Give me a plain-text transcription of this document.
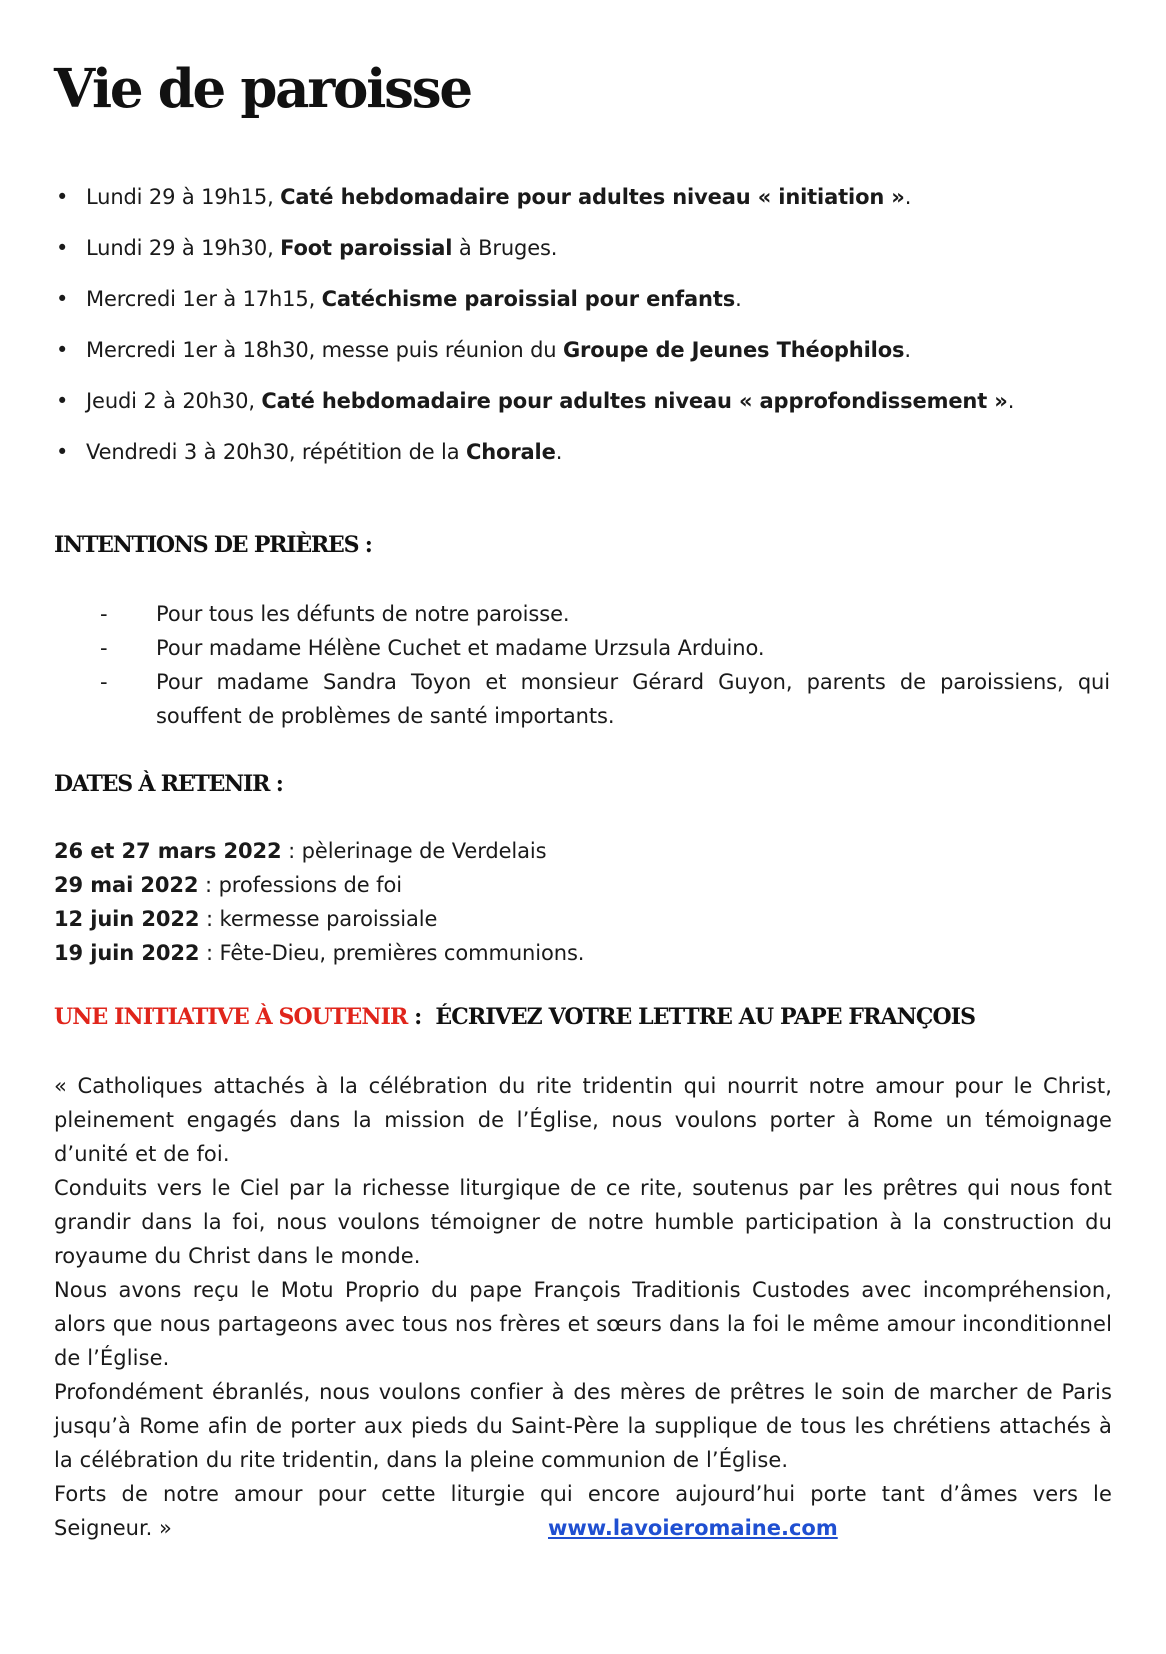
Vie de paroisse
• Lundi 29 à 19h15, Caté hebdomadaire pour adultes niveau « initiation ».
• Lundi 29 à 19h30, Foot paroissial à Bruges.
• Mercredi 1er à 17h15, Catéchisme paroissial pour enfants.
• Mercredi 1er à 18h30, messe puis réunion du Groupe de Jeunes Théophilos.
• Jeudi 2 à 20h30, Caté hebdomadaire pour adultes niveau « approfondissement ».
• Vendredi 3 à 20h30, répétition de la Chorale.
INTENTIONS DE PRIÈRES :
- Pour tous les défunts de notre paroisse.
- Pour madame Hélène Cuchet et madame Urzsula Arduino.
- Pour madame Sandra Toyon et monsieur Gérard Guyon, parents de paroissiens, qui souffent de problèmes de santé importants.
DATES À RETENIR :
26 et 27 mars 2022 : pèlerinage de Verdelais
29 mai 2022 : professions de foi
12 juin 2022 : kermesse paroissiale
19 juin 2022 : Fête-Dieu, premières communions.
UNE INITIATIVE À SOUTENIR : ÉCRIVEZ VOTRE LETTRE AU PAPE FRANÇOIS
« Catholiques attachés à la célébration du rite tridentin qui nourrit notre amour pour le Christ, pleinement engagés dans la mission de l’Église, nous voulons porter à Rome un témoignage d’unité et de foi.
Conduits vers le Ciel par la richesse liturgique de ce rite, soutenus par les prêtres qui nous font grandir dans la foi, nous voulons témoigner de notre humble participation à la construction du royaume du Christ dans le monde.
Nous avons reçu le Motu Proprio du pape François Traditionis Custodes avec incompréhension, alors que nous partageons avec tous nos frères et sœurs dans la foi le même amour inconditionnel de l’Église.
Profondément ébranlés, nous voulons confier à des mères de prêtres le soin de marcher de Paris jusqu’à Rome afin de porter aux pieds du Saint-Père la supplique de tous les chrétiens attachés à la célébration du rite tridentin, dans la pleine communion de l’Église.
Forts de notre amour pour cette liturgie qui encore aujourd’hui porte tant d’âmes vers le
Seigneur. »	www.lavoieromaine.com
